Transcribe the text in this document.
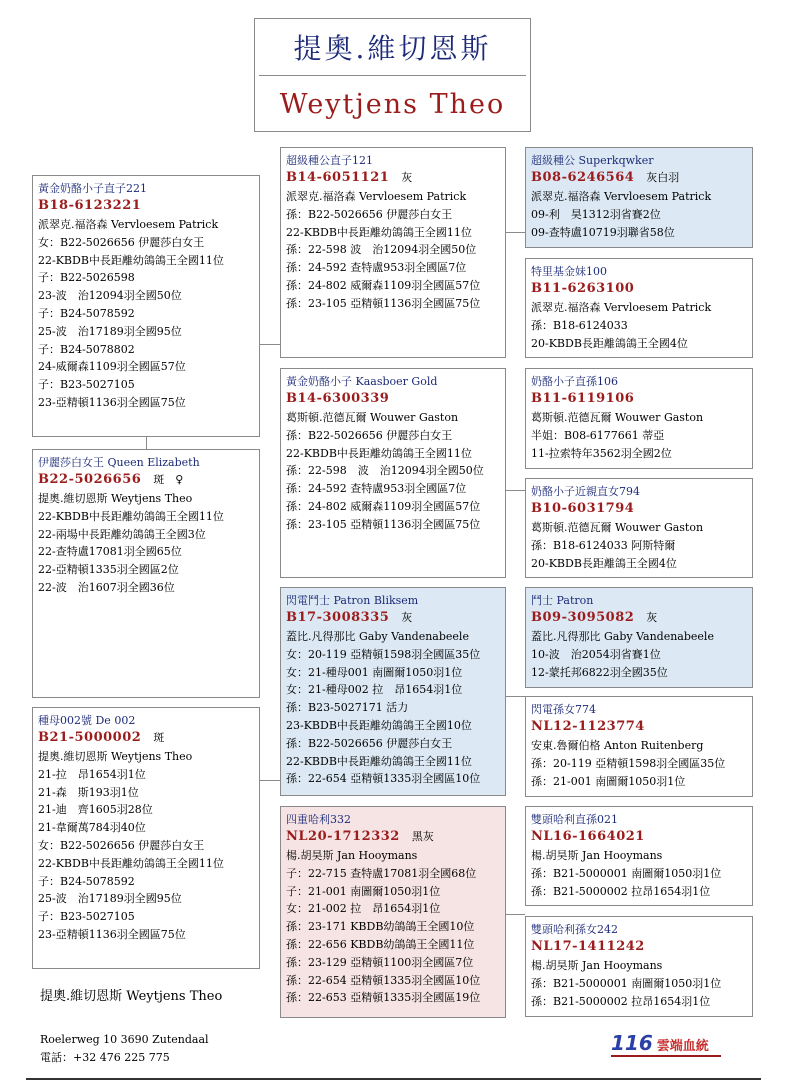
提奧.維切恩斯
Weytjens Theo
黃金奶酪小子直子221
B18-6123221
派翠克.福洛森 Vervloesem Patrick
女：B22-5026656 伊麗莎白女王
22-KBDB中長距離幼鴿鴿王全國11位
子：B22-5026598
23-波　治12094羽全國50位
子：B24-5078592
25-波　治17189羽全國95位
子：B24-5078802
24-威爾森1109羽全國區57位
子：B23-5027105
23-亞精頓1136羽全國區75位
伊麗莎白女王 Queen Elizabeth
B22-5026656 斑　♀
提奧.維切恩斯 Weytjens Theo
22-KBDB中長距離幼鴿鴿王全國11位
22-兩場中長距離幼鴿鴿王全國3位
22-查特盧17081羽全國65位
22-亞精頓1335羽全國區2位
22-波　治1607羽全國36位
種母002號 De 002
B21-5000002 斑
提奧.維切恩斯 Weytjens Theo
21-拉　昂1654羽1位
21-森　斯193羽1位
21-迪　齊1605羽28位
21-韋爾萬784羽40位
女：B22-5026656 伊麗莎白女王
22-KBDB中長距離幼鴿鴿王全國11位
子：B24-5078592
25-波　治17189羽全國95位
子：B23-5027105
23-亞精頓1136羽全國區75位
超級種公直子121
B14-6051121 灰
派翠克.福洛森 Vervloesem Patrick
孫：B22-5026656 伊麗莎白女王
22-KBDB中長距離幼鴿鴿王全國11位
孫：22-598 波　治12094羽全國50位
孫：24-592 查特盧953羽全國區7位
孫：24-802 威爾森1109羽全國區57位
孫：23-105 亞精頓1136羽全國區75位
黃金奶酪小子 Kaasboer Gold
B14-6300339
葛斯頓.范德瓦爾 Wouwer Gaston
孫：B22-5026656 伊麗莎白女王
22-KBDB中長距離幼鴿鴿王全國11位
孫：22-598　波　治12094羽全國50位
孫：24-592 查特盧953羽全國區7位
孫：24-802 威爾森1109羽全國區57位
孫：23-105 亞精頓1136羽全國區75位
閃電鬥士 Patron Bliksem
B17-3008335 灰
蓋比.凡得那比 Gaby Vandenabeele
女：20-119 亞精頓1598羽全國區35位
女：21-種母001 南圖爾1050羽1位
女：21-種母002 拉　昂1654羽1位
孫：B23-5027171 活力
23-KBDB中長距離幼鴿鴿王全國10位
孫：B22-5026656 伊麗莎白女王
22-KBDB中長距離幼鴿鴿王全國11位
孫：22-654 亞精頓1335羽全國區10位
四重哈利332
NL20-1712332 黑灰
楊.胡昊斯 Jan Hooymans
子：22-715 查特盧17081羽全國68位
子：21-001 南圖爾1050羽1位
女：21-002 拉　昂1654羽1位
孫：23-171 KBDB幼鴿鴿王全國10位
孫：22-656 KBDB幼鴿鴿王全國11位
孫：23-129 亞精頓1100羽全國區7位
孫：22-654 亞精頓1335羽全國區10位
孫：22-653 亞精頓1335羽全國區19位
超級種公 Superkqwker
B08-6246564 灰白羽
派翠克.福洛森 Vervloesem Patrick
09-利　昊1312羽省賽2位
09-查特盧10719羽聯省58位
特里基金妹100
B11-6263100
派翠克.福洛森 Vervloesem Patrick
孫：B18-6124033
20-KBDB長距離鴿鴿王全國4位
奶酪小子直孫106
B11-6119106
葛斯頓.范德瓦爾 Wouwer Gaston
半姐：B08-6177661 蒂亞
11-拉索特年3562羽全國2位
奶酪小子近親直女794
B10-6031794
葛斯頓.范德瓦爾 Wouwer Gaston
孫：B18-6124033 阿斯特爾
20-KBDB長距離鴿王全國4位
鬥士 Patron
B09-3095082 灰
蓋比.凡得那比 Gaby Vandenabeele
10-波　治2054羽省賽1位
12-蒙托邦6822羽全國35位
閃電孫女774
NL12-1123774
安東.魯爾伯格 Anton Ruitenberg
孫：20-119 亞精頓1598羽全國區35位
孫：21-001 南圖爾1050羽1位
雙頭哈利直孫021
NL16-1664021
楊.胡昊斯 Jan Hooymans
孫：B21-5000001 南圖爾1050羽1位
孫：B21-5000002 拉昂1654羽1位
雙頭哈利孫女242
NL17-1411242
楊.胡昊斯 Jan Hooymans
孫：B21-5000001 南圖爾1050羽1位
孫：B21-5000002 拉昂1654羽1位
提奧.維切恩斯 Weytjens Theo
Roelerweg 10 3690 Zutendaal
電話：+32 476 225 775
116 雲端血統
